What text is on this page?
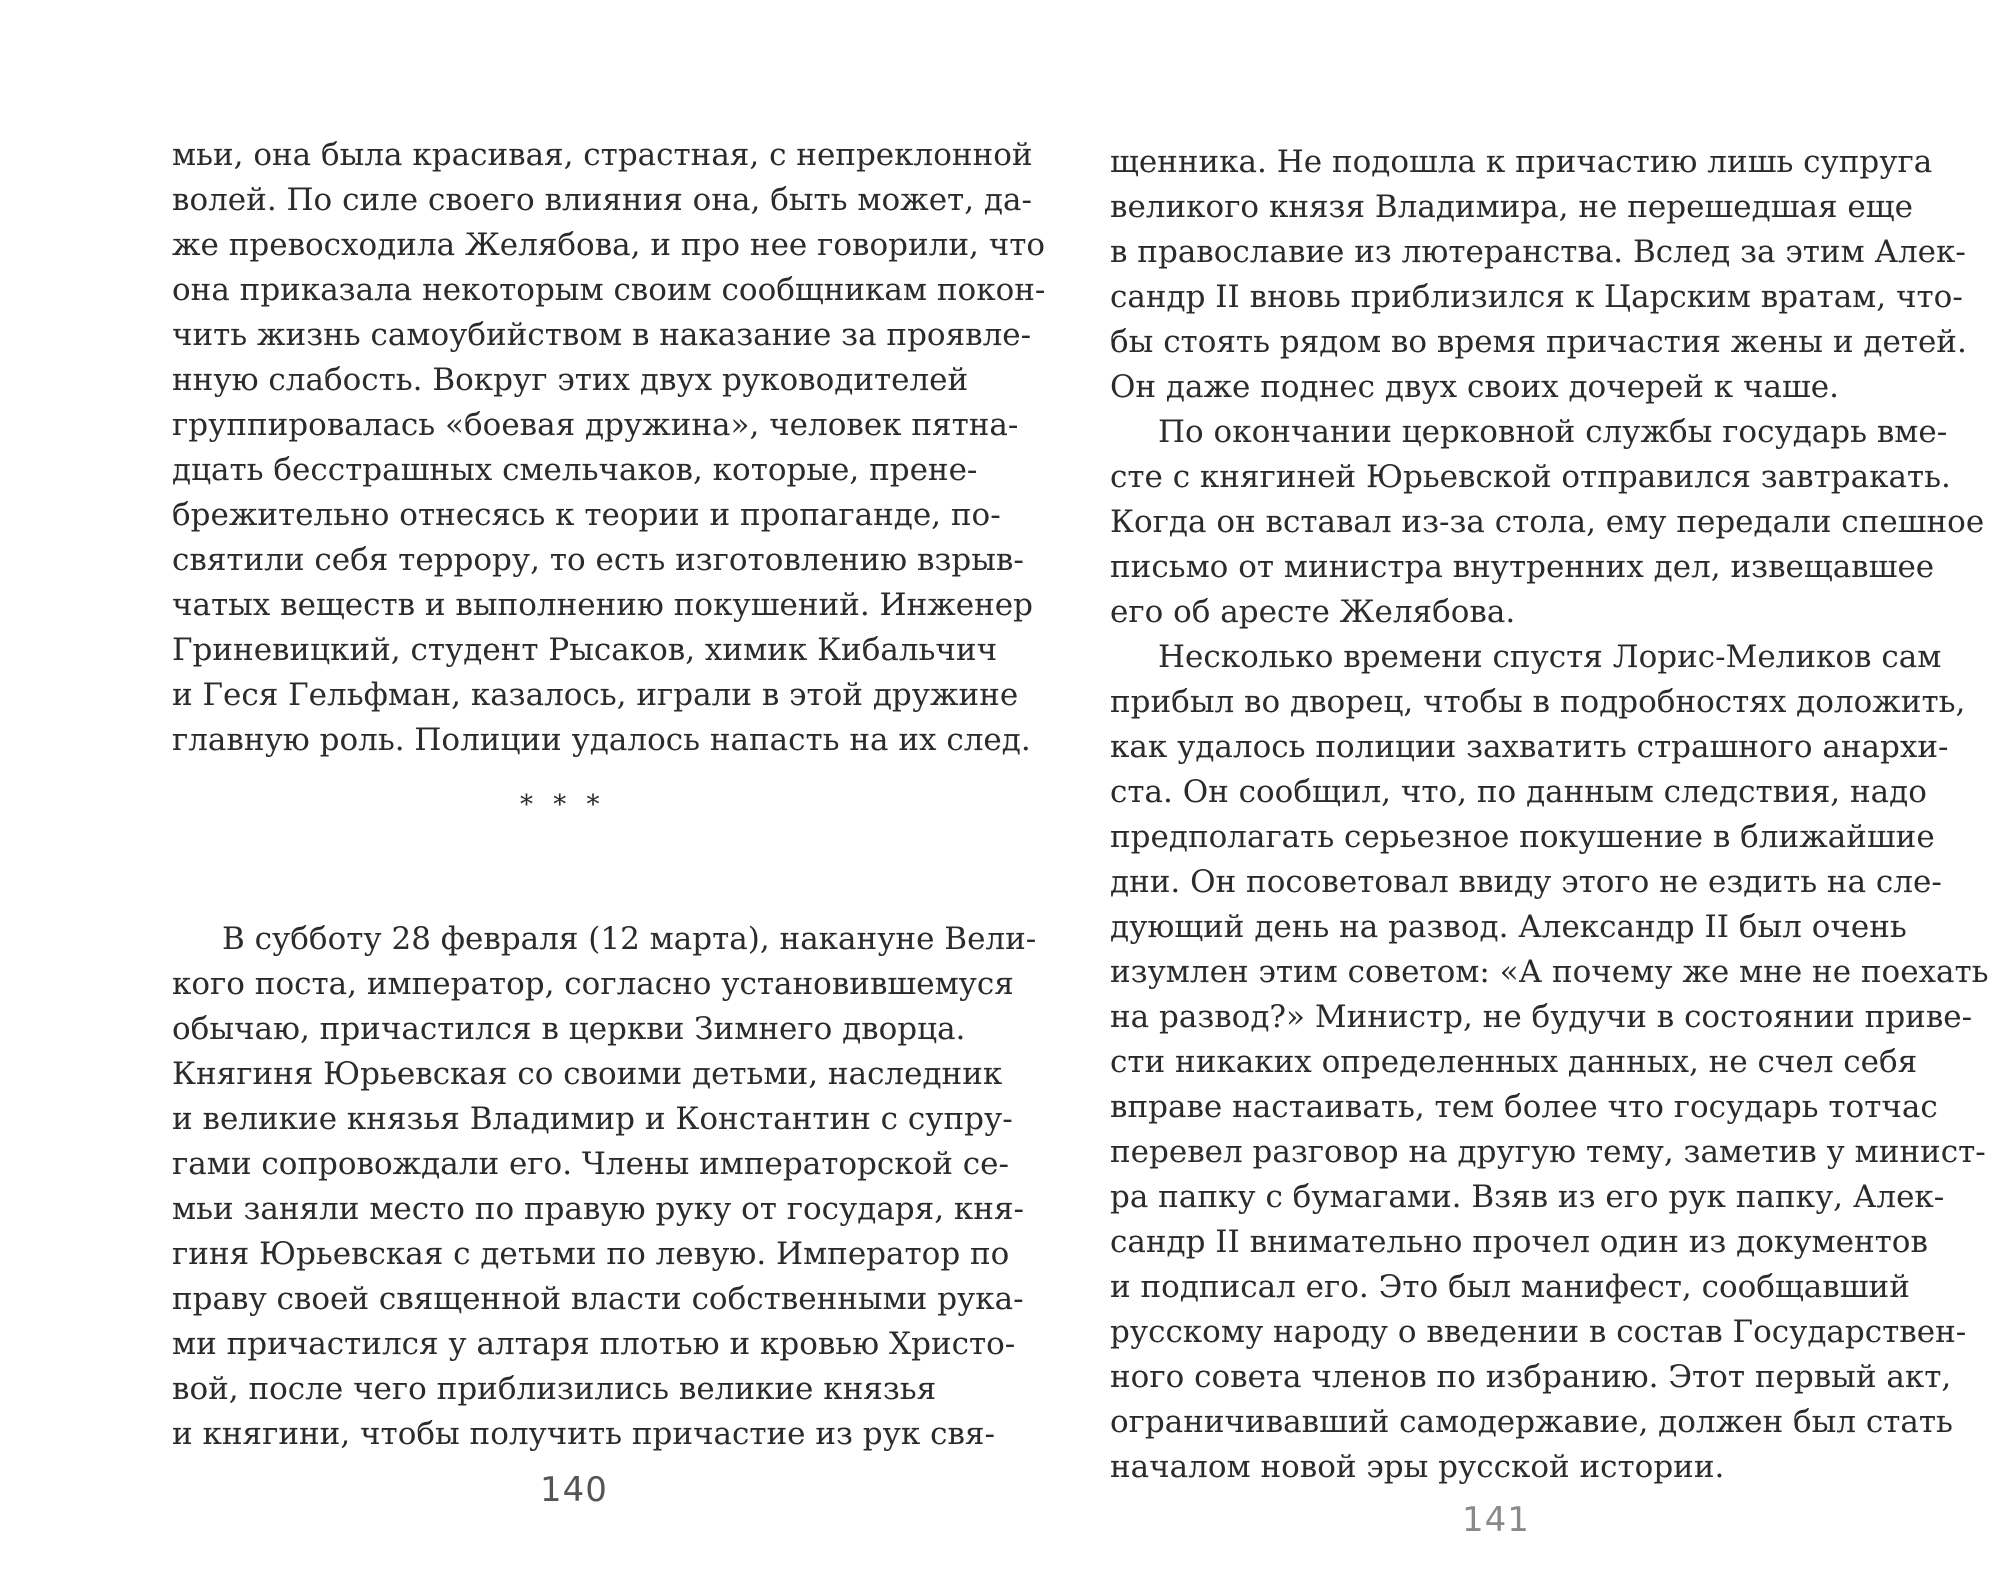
мьи, она была красивая, страстная, с непреклонной
волей. По силе своего влияния она, быть может, да-
же превосходила Желябова, и про нее говорили, что
она приказала некоторым своим сообщникам покон-
чить жизнь самоубийством в наказание за проявле-
нную слабость. Вокруг этих двух руководителей
группировалась «боевая дружина», человек пятна-
дцать бесстрашных смельчаков, которые, прене-
брежительно отнесясь к теории и пропаганде, по-
святили себя террору, то есть изготовлению взрыв-
чатых веществ и выполнению покушений. Инженер
Гриневицкий, студент Рысаков, химик Кибальчич
и Геся Гельфман, казалось, играли в этой дружине
главную роль. Полиции удалось напасть на их след.
* * *
В субботу 28 февраля (12 марта), накануне Вели-
кого поста, император, согласно установившемуся
обычаю, причастился в церкви Зимнего дворца.
Княгиня Юрьевская со своими детьми, наследник
и великие князья Владимир и Константин с супру-
гами сопровождали его. Члены императорской се-
мьи заняли место по правую руку от государя, кня-
гиня Юрьевская с детьми по левую. Император по
праву своей священной власти собственными рука-
ми причастился у алтаря плотью и кровью Христо-
вой, после чего приблизились великие князья
и княгини, чтобы получить причастие из рук свя-
140
щенника. Не подошла к причастию лишь супруга
великого князя Владимира, не перешедшая еще
в православие из лютеранства. Вслед за этим Алек-
сандр II вновь приблизился к Царским вратам, что-
бы стоять рядом во время причастия жены и детей.
Он даже поднес двух своих дочерей к чаше.
По окончании церковной службы государь вме-
сте с княгиней Юрьевской отправился завтракать.
Когда он вставал из-за стола, ему передали спешное
письмо от министра внутренних дел, извещавшее
его об аресте Желябова.
Несколько времени спустя Лорис-Меликов сам
прибыл во дворец, чтобы в подробностях доложить,
как удалось полиции захватить страшного анархи-
ста. Он сообщил, что, по данным следствия, надо
предполагать серьезное покушение в ближайшие
дни. Он посоветовал ввиду этого не ездить на сле-
дующий день на развод. Александр II был очень
изумлен этим советом: «А почему же мне не поехать
на развод?» Министр, не будучи в состоянии приве-
сти никаких определенных данных, не счел себя
вправе настаивать, тем более что государь тотчас
перевел разговор на другую тему, заметив у минист-
ра папку с бумагами. Взяв из его рук папку, Алек-
сандр II внимательно прочел один из документов
и подписал его. Это был манифест, сообщавший
русскому народу о введении в состав Государствен-
ного совета членов по избранию. Этот первый акт,
ограничивавший самодержавие, должен был стать
началом новой эры русской истории.
141
